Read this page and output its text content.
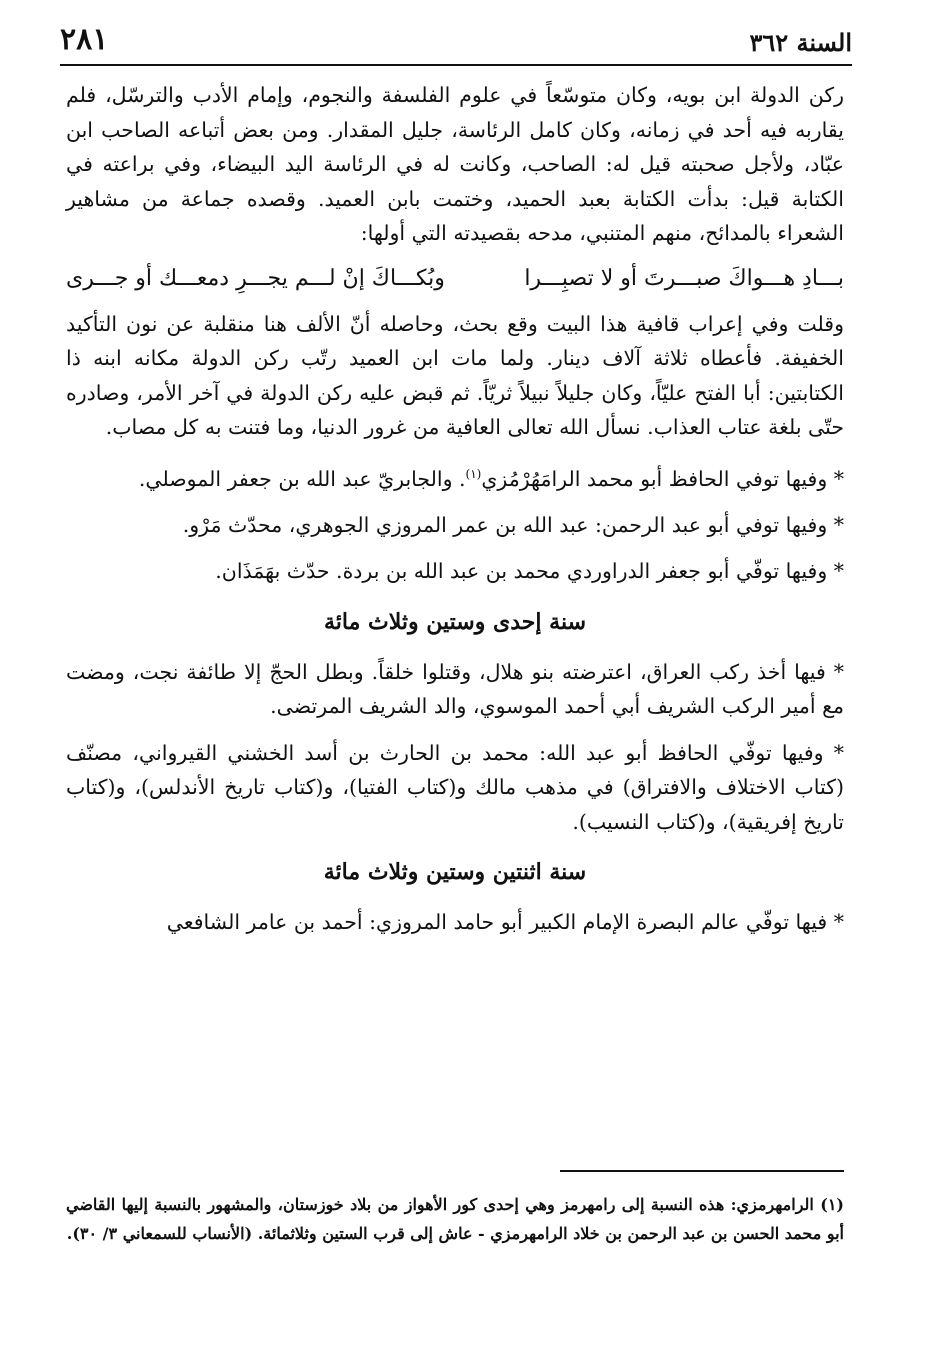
٢٨١	السنة ٣٦٢

ركن الدولة ابن بويه، وكان متوسّعاً في علوم الفلسفة والنجوم، وإمام الأدب والترسّل، فلم يقاربه فيه أحد في زمانه، وكان كامل الرئاسة، جليل المقدار. ومن بعض أتباعه الصاحب ابن عبّاد، ولأجل صحبته قيل له: الصاحب، وكانت له في الرئاسة اليد البيضاء، وفي براعته في الكتابة قيل: بدأت الكتابة بعبد الحميد، وختمت بابن العميد. وقصده جماعة من مشاهير الشعراء بالمدائح، منهم المتنبي، مدحه بقصيدته التي أولها:

بـــادِ هـــواكَ صبـــرتَ أو لا تصبِـــرا
وبُكـــاكَ إنْ لـــم يجـــرِ دمعـــك أو جـــرى

وقلت وفي إعراب قافية هذا البيت وقع بحث، وحاصله أنّ الألف هنا منقلبة عن نون التأكيد الخفيفة. فأعطاه ثلاثة آلاف دينار. ولما مات ابن العميد رتّب ركن الدولة مكانه ابنه ذا الكتابتين: أبا الفتح عليّاً، وكان جليلاً نبيلاً ثريّاً. ثم قبض عليه ركن الدولة في آخر الأمر، وصادره حتّى بلغة عتاب العذاب. نسأل الله تعالى العافية من غرور الدنيا، وما فتنت به كل مصاب.

* وفيها توفي الحافظ أبو محمد الرامَهُرْمُزي$^{(١)}$. والجابريّ عبد الله بن جعفر الموصلي.

* وفيها توفي أبو عبد الرحمن: عبد الله بن عمر المروزي الجوهري، محدّث مَرْو.

* وفيها توفّي أبو جعفر الدراوردي محمد بن عبد الله بن بردة. حدّث بهَمَذَان.

سنة إحدى وستين وثلاث مائة

* فيها أخذ ركب العراق، اعترضته بنو هلال، وقتلوا خلقاً. وبطل الحجّ إلا طائفة نجت، ومضت مع أمير الركب الشريف أبي أحمد الموسوي، والد الشريف المرتضى.

* وفيها توفّي الحافظ أبو عبد الله: محمد بن الحارث بن أسد الخشني القيرواني، مصنّف (كتاب الاختلاف والافتراق) في مذهب مالك و(كتاب الفتيا)، و(كتاب تاريخ الأندلس)، و(كتاب تاريخ إفريقية)، و(كتاب النسيب).

سنة اثنتين وستين وثلاث مائة

* فيها توفّي عالم البصرة الإمام الكبير أبو حامد المروزي: أحمد بن عامر الشافعي

(١) الرامهرمزي: هذه النسبة إلى رامهرمز وهي إحدى كور الأهواز من بلاد خوزستان، والمشهور بالنسبة إليها القاضي أبو محمد الحسن بن عبد الرحمن بن خلاد الرامهرمزي - عاش إلى قرب الستين وثلاثمائة. (الأنساب للسمعاني ٣/ ٣٠).
